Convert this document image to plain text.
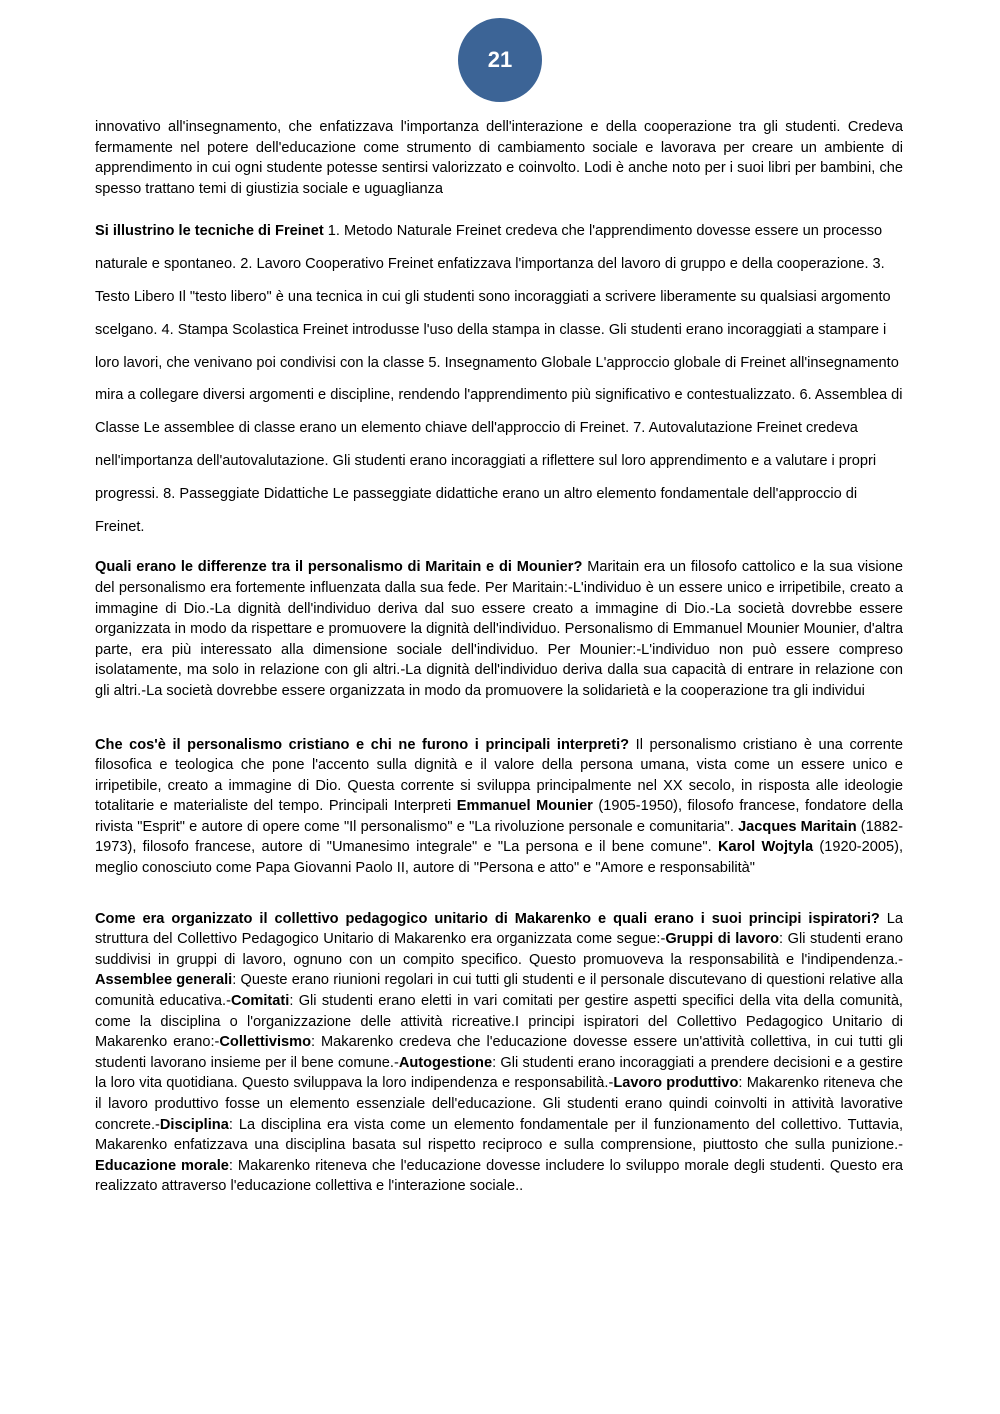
21

innovativo all'insegnamento, che enfatizzava l'importanza dell'interazione e della cooperazione tra gli studenti. Credeva fermamente nel potere dell'educazione come strumento di cambiamento sociale e lavorava per creare un ambiente di apprendimento in cui ogni studente potesse sentirsi valorizzato e coinvolto. Lodi è anche noto per i suoi libri per bambini, che spesso trattano temi di giustizia sociale e uguaglianza

Si illustrino le tecniche di Freinet 1. Metodo Naturale Freinet credeva che l'apprendimento dovesse essere un processo naturale e spontaneo. 2. Lavoro Cooperativo Freinet enfatizzava l'importanza del lavoro di gruppo e della cooperazione. 3. Testo Libero Il "testo libero" è una tecnica in cui gli studenti sono incoraggiati a scrivere liberamente su qualsiasi argomento scelgano. 4. Stampa Scolastica Freinet introdusse l'uso della stampa in classe. Gli studenti erano incoraggiati a stampare i loro lavori, che venivano poi condivisi con la classe 5. Insegnamento Globale L'approccio globale di Freinet all'insegnamento mira a collegare diversi argomenti e discipline, rendendo l'apprendimento più significativo e contestualizzato. 6. Assemblea di Classe Le assemblee di classe erano un elemento chiave dell'approccio di Freinet. 7. Autovalutazione Freinet credeva nell'importanza dell'autovalutazione. Gli studenti erano incoraggiati a riflettere sul loro apprendimento e a valutare i propri progressi. 8. Passeggiate Didattiche Le passeggiate didattiche erano un altro elemento fondamentale dell'approccio di Freinet.

Quali erano le differenze tra il personalismo di Maritain e di Mounier? Maritain era un filosofo cattolico e la sua visione del personalismo era fortemente influenzata dalla sua fede. Per Maritain:-L'individuo è un essere unico e irripetibile, creato a immagine di Dio.-La dignità dell'individuo deriva dal suo essere creato a immagine di Dio.-La società dovrebbe essere organizzata in modo da rispettare e promuovere la dignità dell'individuo. Personalismo di Emmanuel Mounier Mounier, d'altra parte, era più interessato alla dimensione sociale dell'individuo. Per Mounier:-L'individuo non può essere compreso isolatamente, ma solo in relazione con gli altri.-La dignità dell'individuo deriva dalla sua capacità di entrare in relazione con gli altri.-La società dovrebbe essere organizzata in modo da promuovere la solidarietà e la cooperazione tra gli individui

Che cos'è il personalismo cristiano e chi ne furono i principali interpreti? Il personalismo cristiano è una corrente filosofica e teologica che pone l'accento sulla dignità e il valore della persona umana, vista come un essere unico e irripetibile, creato a immagine di Dio. Questa corrente si sviluppa principalmente nel XX secolo, in risposta alle ideologie totalitarie e materialiste del tempo. Principali Interpreti Emmanuel Mounier (1905-1950), filosofo francese, fondatore della rivista "Esprit" e autore di opere come "Il personalismo" e "La rivoluzione personale e comunitaria". Jacques Maritain (1882-1973), filosofo francese, autore di "Umanesimo integrale" e "La persona e il bene comune". Karol Wojtyla (1920-2005), meglio conosciuto come Papa Giovanni Paolo II, autore di "Persona e atto" e "Amore e responsabilità"

Come era organizzato il collettivo pedagogico unitario di Makarenko e quali erano i suoi principi ispiratori? La struttura del Collettivo Pedagogico Unitario di Makarenko era organizzata come segue:-Gruppi di lavoro: Gli studenti erano suddivisi in gruppi di lavoro, ognuno con un compito specifico. Questo promuoveva la responsabilità e l'indipendenza.-Assemblee generali: Queste erano riunioni regolari in cui tutti gli studenti e il personale discutevano di questioni relative alla comunità educativa.-Comitati: Gli studenti erano eletti in vari comitati per gestire aspetti specifici della vita della comunità, come la disciplina o l'organizzazione delle attività ricreative.I principi ispiratori del Collettivo Pedagogico Unitario di Makarenko erano:-Collettivismo: Makarenko credeva che l'educazione dovesse essere un'attività collettiva, in cui tutti gli studenti lavorano insieme per il bene comune.-Autogestione: Gli studenti erano incoraggiati a prendere decisioni e a gestire la loro vita quotidiana. Questo sviluppava la loro indipendenza e responsabilità.-Lavoro produttivo: Makarenko riteneva che il lavoro produttivo fosse un elemento essenziale dell'educazione. Gli studenti erano quindi coinvolti in attività lavorative concrete.-Disciplina: La disciplina era vista come un elemento fondamentale per il funzionamento del collettivo. Tuttavia, Makarenko enfatizzava una disciplina basata sul rispetto reciproco e sulla comprensione, piuttosto che sulla punizione.-Educazione morale: Makarenko riteneva che l'educazione dovesse includere lo sviluppo morale degli studenti. Questo era realizzato attraverso l'educazione collettiva e l'interazione sociale..
